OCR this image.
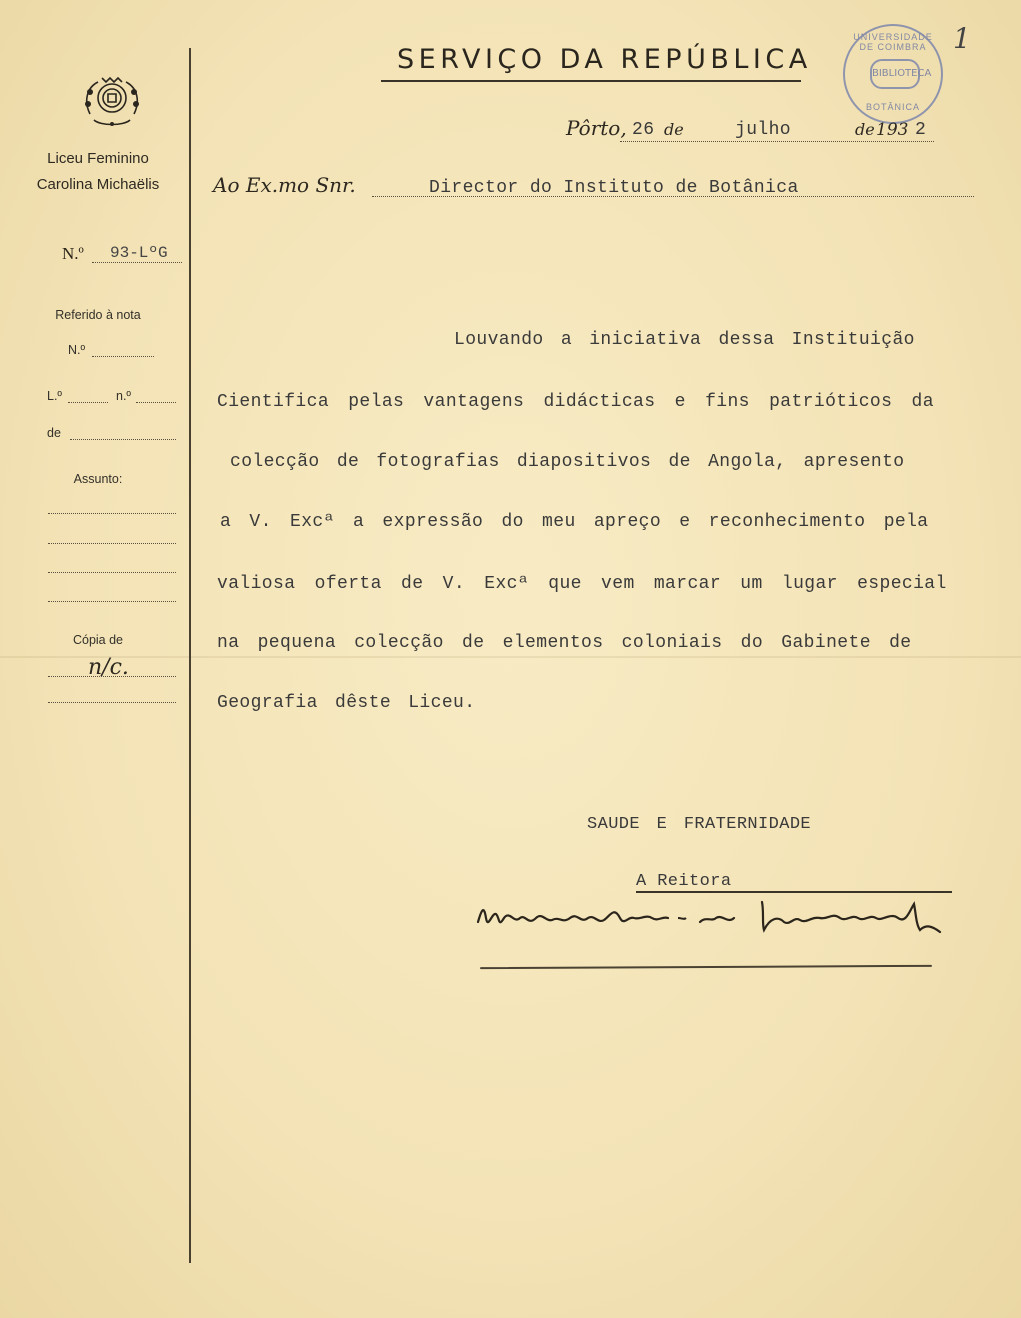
SERVIÇO DA REPÚBLICA
UNIVERSIDADE DE COIMBRA
BIBLIOTECA
BOTÂNICA
1
Liceu Feminino
Carolina Michaëlis
N.º 93-LºG
Referido à nota
N.º
L.º	n.º
de
Assunto:
Cópia de
n/c.
Pôrto, 26 de	julho	de 193 2
Ao Ex.mo Snr.	Director do Instituto de Botânica
Louvando a iniciativa dessa Instituição
Cientifica pelas vantagens didácticas e fins patrióticos da
colecção de fotografias diapositivos de Angola, apresento
a V. Excª a expressão do meu apreço e reconhecimento pela
valiosa oferta de V. Excª que vem marcar um lugar especial
na pequena colecção de elementos coloniais do Gabinete de
Geografia dêste Liceu.
SAUDE E FRATERNIDADE
A Reitora
